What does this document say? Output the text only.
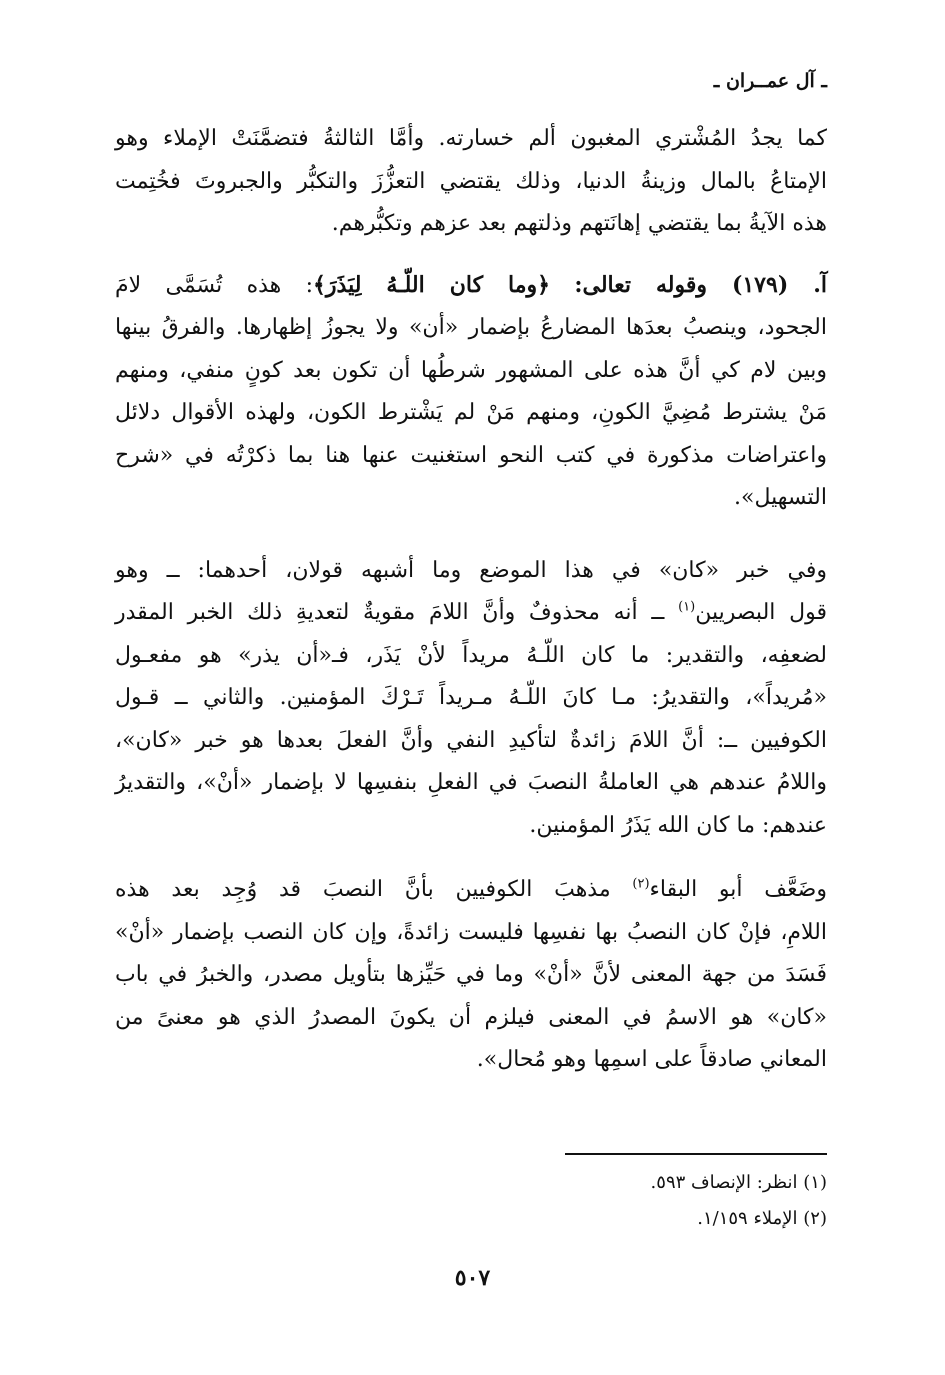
ـ آل عمــران ـ

كما يجدُ المُشْتري المغبون ألم خسارته. وأمَّا الثالثةُ فتضمَّنَتْ الإملاء وهو
الإمتاعُ بالمال وزينةُ الدنيا، وذلك يقتضي التعزُّزَ والتكبُّر والجبروتَ فخُتِمت
هذه الآيةُ بما يقتضي إهانَتهم وذلتهم بعد عزهم وتكبُّرهم.

آ. (١٧٩) وقوله تعالى: ﴿وما كان اللّـهُ لِيَذَرَ﴾: هذه تُسَمَّى لامَ
الجحود، وينصبُ بعدَها المضارعُ بإضمار «أن» ولا يجوزُ إظهارها. والفرقُ بينها
وبين لام كي أنَّ هذه على المشهور شرطُها أن تكون بعد كونٍ منفي، ومنهم
مَنْ يشترط مُضِيَّ الكونِ، ومنهم مَنْ لم يَشْترط الكون، ولهذه الأقوال دلائل
واعتراضات مذكورة في كتب النحو استغنيت عنها هنا بما ذكرْتُه في «شرح
التسهيل».

وفي خبر «كان» في هذا الموضع وما أشبهه قولان، أحدهما: ــ وهو
قول البصريين$^{(١)}$ ــ أنه محذوفٌ وأنَّ اللامَ مقويةٌ لتعديةِ ذلك الخبر المقدر
لضعفِه، والتقدير: ما كان اللّـهُ مريداً لأنْ يَذَر، فـ«أن يذر» هو مفعـول
«مُريداً»، والتقديرُ: مـا كانَ اللّـهُ مـريداً تَـرْكَ المؤمنين. والثاني ــ قـول
الكوفيين ــ: أنَّ اللامَ زائدةٌ لتأكيدِ النفي وأنَّ الفعلَ بعدها هو خبر «كان»،
واللامُ عندهم هي العاملةُ النصبَ في الفعلِ بنفسِها لا بإضمار «أنْ»، والتقديرُ
عندهم: ما كان الله يَذَرُ المؤمنين.

وضَعَّف أبو البقاء$^{(٢)}$ مذهبَ الكوفيين بأنَّ النصبَ قد وُجِد بعد هذه
اللامِ، فإنْ كان النصبُ بها نفسِها فليست زائدةً، وإن كان النصب بإضمار «أنْ»
فَسَدَ من جهة المعنى لأنَّ «أنْ» وما في حَيِّزها بتأويل مصدر، والخبرُ في باب
«كان» هو الاسمُ في المعنى فيلزم أن يكونَ المصدرُ الذي هو معنىً من
المعاني صادقاً على اسمِها وهو مُحال».

(١) انظر: الإنصاف ٥٩٣.
(٢) الإملاء ١/١٥٩.
٥٠٧
